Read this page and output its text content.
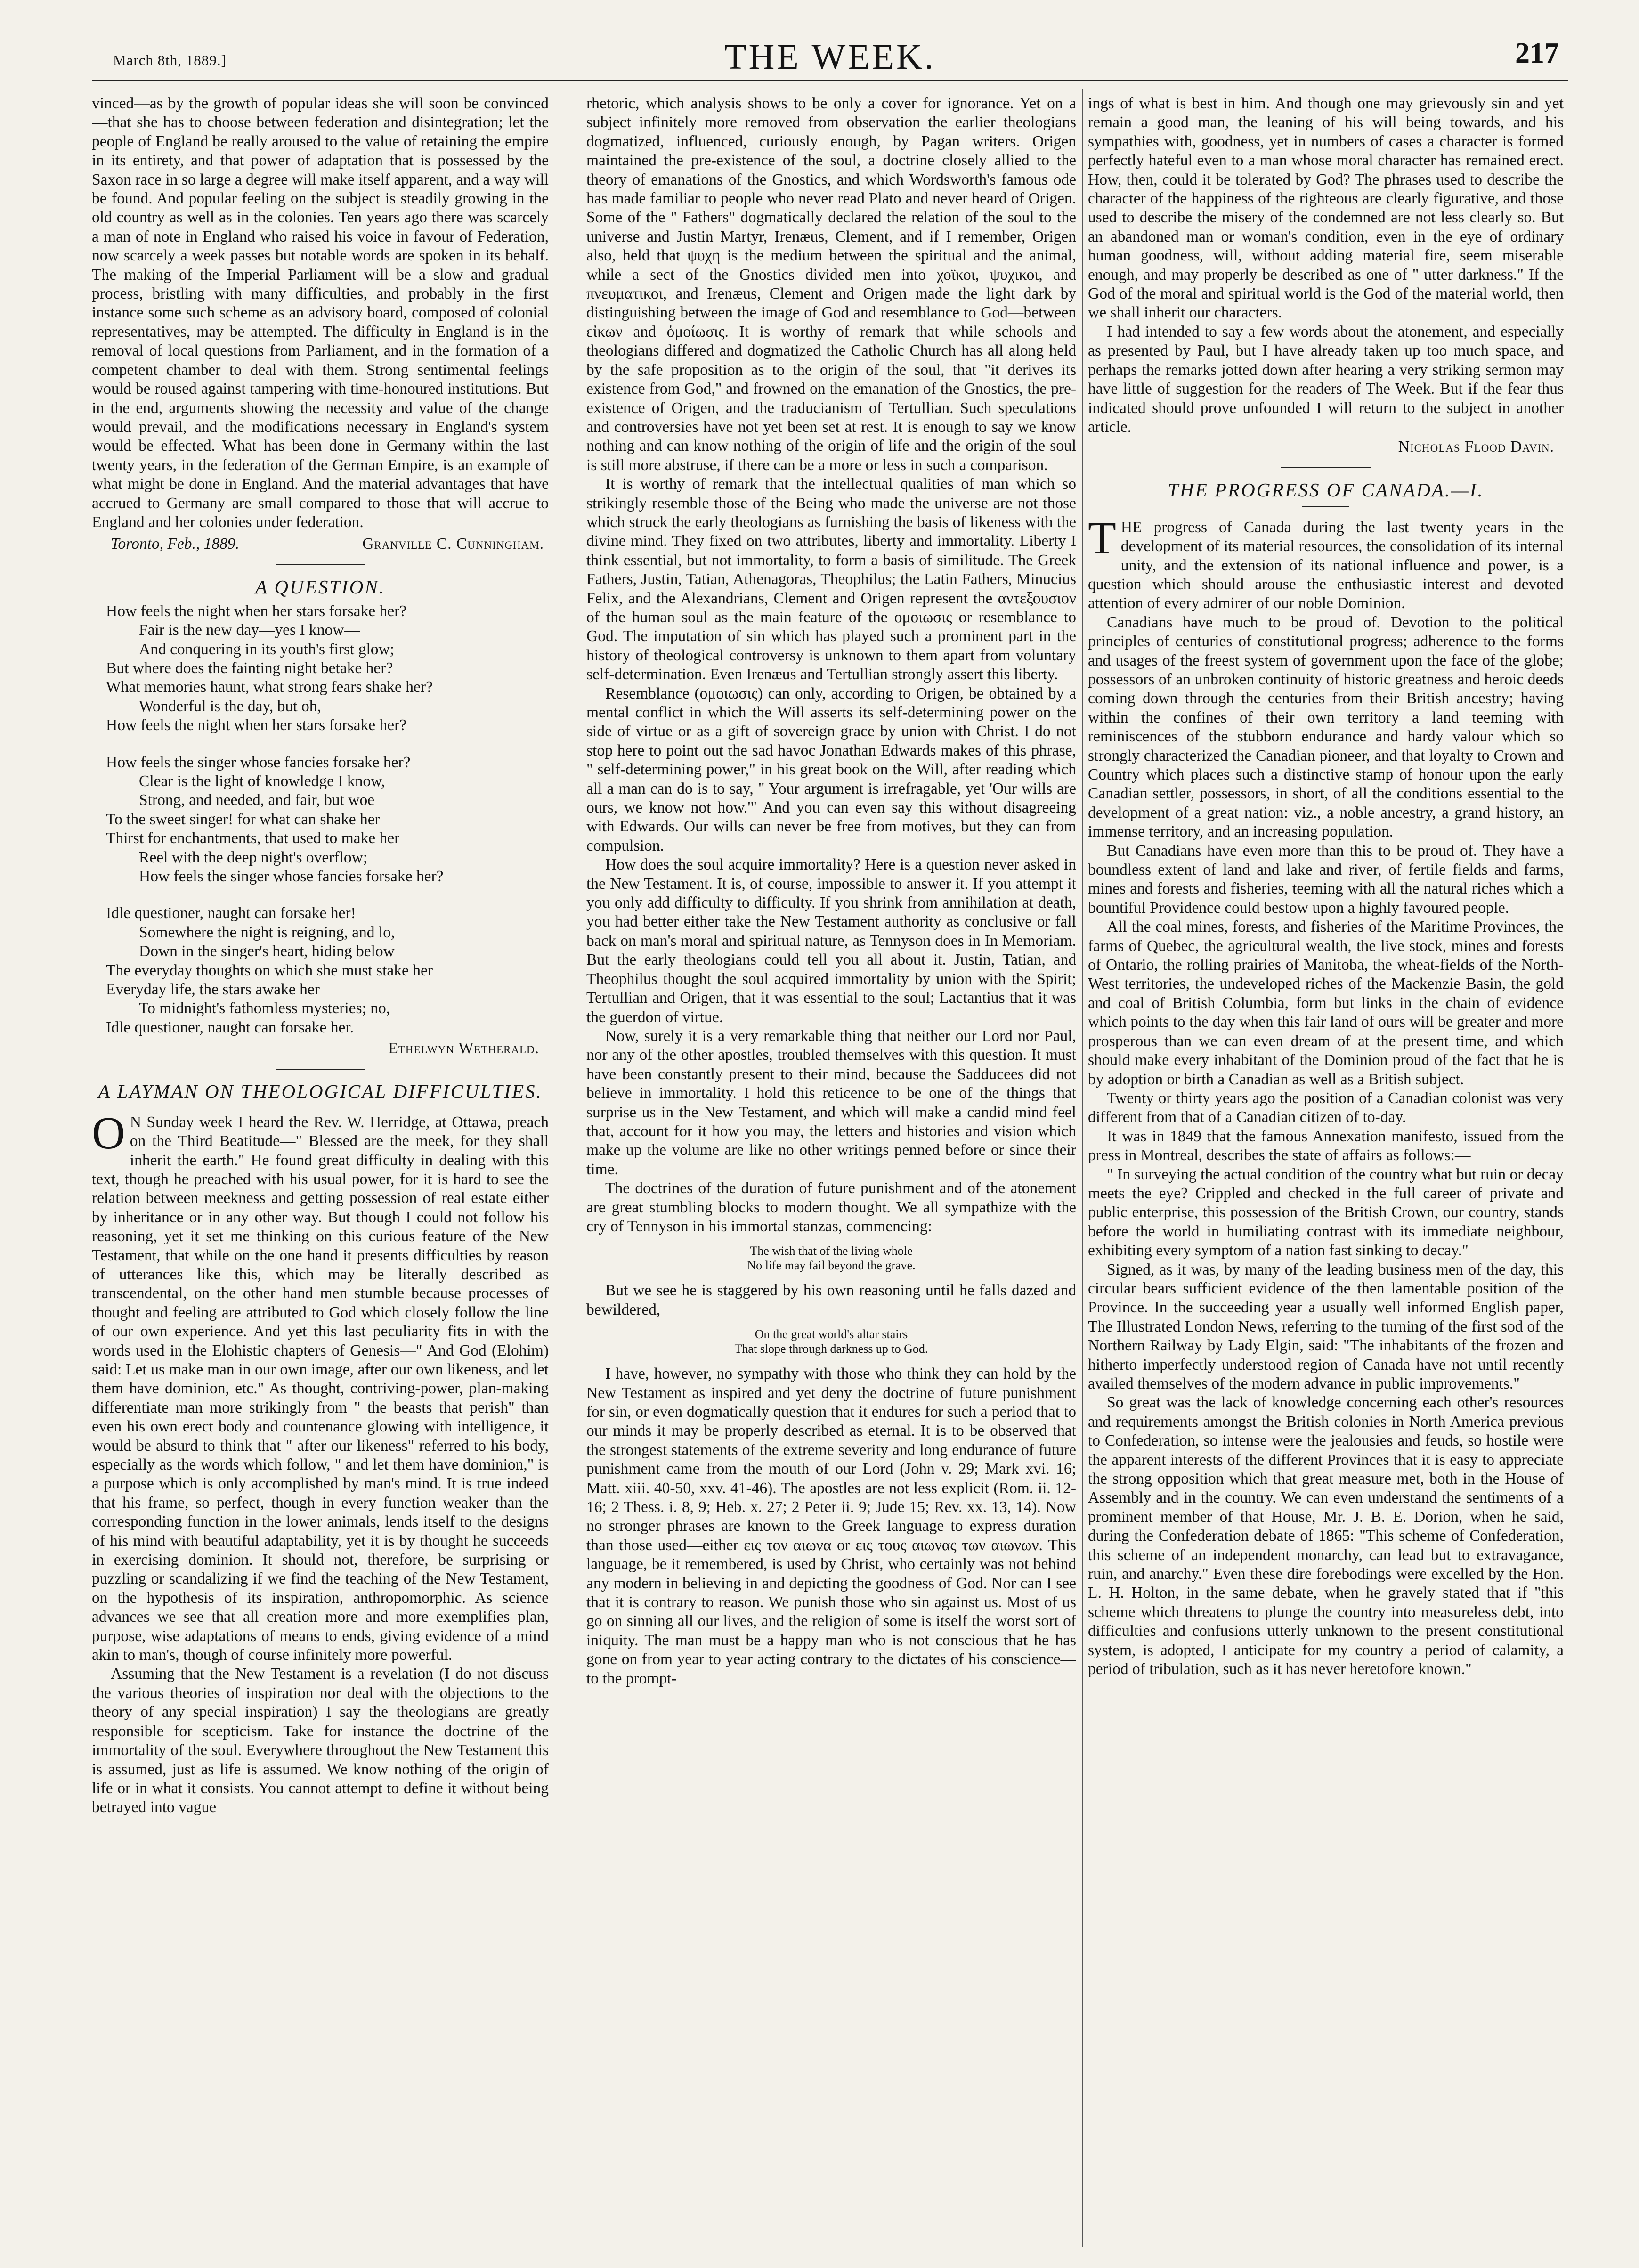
March 8th, 1889.]	THE WEEK.	217

vinced—as by the growth of popular ideas she will soon be convinced—that she has to choose between federation and disintegration; let the people of England be really aroused to the value of retaining the empire in its entirety, and that power of adaptation that is possessed by the Saxon race in so large a degree will make itself apparent, and a way will be found. And popular feeling on the subject is steadily growing in the old country as well as in the colonies. Ten years ago there was scarcely a man of note in England who raised his voice in favour of Federation, now scarcely a week passes but notable words are spoken in its behalf. The making of the Imperial Parliament will be a slow and gradual process, bristling with many difficulties, and probably in the first instance some such scheme as an advisory board, composed of colonial representatives, may be attempted. The difficulty in England is in the removal of local questions from Parliament, and in the formation of a competent chamber to deal with them. Strong sentimental feelings would be roused against tampering with time-honoured institutions. But in the end, arguments showing the necessity and value of the change would prevail, and the modifications necessary in England's system would be effected. What has been done in Germany within the last twenty years, in the federation of the German Empire, is an example of what might be done in England. And the material advantages that have accrued to Germany are small compared to those that will accrue to England and her colonies under federation.

Toronto, Feb., 1889.	Granville C. Cunningham.
A QUESTION.
How feels the night when her stars forsake her?
Fair is the new day—yes I know—
And conquering in its youth's first glow;
But where does the fainting night betake her?
What memories haunt, what strong fears shake her?
Wonderful is the day, but oh,
How feels the night when her stars forsake her?
How feels the singer whose fancies forsake her?
Clear is the light of knowledge I know,
Strong, and needed, and fair, but woe
To the sweet singer! for what can shake her
Thirst for enchantments, that used to make her
Reel with the deep night's overflow;
How feels the singer whose fancies forsake her?
Idle questioner, naught can forsake her!
Somewhere the night is reigning, and lo,
Down in the singer's heart, hiding below
The everyday thoughts on which she must stake her
Everyday life, the stars awake her
To midnight's fathomless mysteries; no,
Idle questioner, naught can forsake her.
Ethelwyn Wetherald.
A LAYMAN ON THEOLOGICAL DIFFICULTIES.

O N Sunday week I heard the Rev. W. Herridge, at Ottawa, preach on the Third Beatitude—" Blessed are the meek, for they shall inherit the earth." He found great difficulty in dealing with this text, though he preached with his usual power, for it is hard to see the relation between meekness and getting possession of real estate either by inheritance or in any other way. But though I could not follow his reasoning, yet it set me thinking on this curious feature of the New Testament, that while on the one hand it presents difficulties by reason of utterances like this, which may be literally described as transcendental, on the other hand men stumble because processes of thought and feeling are attributed to God which closely follow the line of our own experience. And yet this last peculiarity fits in with the words used in the Elohistic chapters of Genesis—" And God (Elohim) said: Let us make man in our own image, after our own likeness, and let them have dominion, etc." As thought, contriving-power, plan-making differentiate man more strikingly from " the beasts that perish" than even his own erect body and countenance glowing with intelligence, it would be absurd to think that " after our likeness" referred to his body, especially as the words which follow, " and let them have dominion," is a purpose which is only accomplished by man's mind. It is true indeed that his frame, so perfect, though in every function weaker than the corresponding function in the lower animals, lends itself to the designs of his mind with beautiful adaptability, yet it is by thought he succeeds in exercising dominion. It should not, therefore, be surprising or puzzling or scandalizing if we find the teaching of the New Testament, on the hypothesis of its inspiration, anthropomorphic. As science advances we see that all creation more and more exemplifies plan, purpose, wise adaptations of means to ends, giving evidence of a mind akin to man's, though of course infinitely more powerful.

Assuming that the New Testament is a revelation (I do not discuss the various theories of inspiration nor deal with the objections to the theory of any special inspiration) I say the theologians are greatly responsible for scepticism. Take for instance the doctrine of the immortality of the soul. Everywhere throughout the New Testament this is assumed, just as life is assumed. We know nothing of the origin of life or in what it consists. You cannot attempt to define it without being betrayed into vague

rhetoric, which analysis shows to be only a cover for ignorance. Yet on a subject infinitely more removed from observation the earlier theologians dogmatized, influenced, curiously enough, by Pagan writers. Origen maintained the pre-existence of the soul, a doctrine closely allied to the theory of emanations of the Gnostics, and which Wordsworth's famous ode has made familiar to people who never read Plato and never heard of Origen. Some of the " Fathers" dogmatically declared the relation of the soul to the universe and Justin Martyr, Irenæus, Clement, and if I remember, Origen also, held that ψυχη is the medium between the spiritual and the animal, while a sect of the Gnostics divided men into χοϊκοι, ψυχικοι, and πνευματικοι, and Irenæus, Clement and Origen made the light dark by distinguishing between the image of God and resemblance to God—between εἰκων and ὁμοίωσις. It is worthy of remark that while schools and theologians differed and dogmatized the Catholic Church has all along held by the safe proposition as to the origin of the soul, that "it derives its existence from God," and frowned on the emanation of the Gnostics, the pre-existence of Origen, and the traducianism of Tertullian. Such speculations and controversies have not yet been set at rest. It is enough to say we know nothing and can know nothing of the origin of life and the origin of the soul is still more abstruse, if there can be a more or less in such a comparison.

It is worthy of remark that the intellectual qualities of man which so strikingly resemble those of the Being who made the universe are not those which struck the early theologians as furnishing the basis of likeness with the divine mind. They fixed on two attributes, liberty and immortality. Liberty I think essential, but not immortality, to form a basis of similitude. The Greek Fathers, Justin, Tatian, Athenagoras, Theophilus; the Latin Fathers, Minucius Felix, and the Alexandrians, Clement and Origen represent the αντεξουσιον of the human soul as the main feature of the ομοιωσις or resemblance to God. The imputation of sin which has played such a prominent part in the history of theological controversy is unknown to them apart from voluntary self-determination. Even Irenæus and Tertullian strongly assert this liberty.

Resemblance (ομοιωσις) can only, according to Origen, be obtained by a mental conflict in which the Will asserts its self-determining power on the side of virtue or as a gift of sovereign grace by union with Christ. I do not stop here to point out the sad havoc Jonathan Edwards makes of this phrase, " self-determining power," in his great book on the Will, after reading which all a man can do is to say, " Your argument is irrefragable, yet 'Our wills are ours, we know not how.'" And you can even say this without disagreeing with Edwards. Our wills can never be free from motives, but they can from compulsion.

How does the soul acquire immortality? Here is a question never asked in the New Testament. It is, of course, impossible to answer it. If you attempt it you only add difficulty to difficulty. If you shrink from annihilation at death, you had better either take the New Testament authority as conclusive or fall back on man's moral and spiritual nature, as Tennyson does in In Memoriam. But the early theologians could tell you all about it. Justin, Tatian, and Theophilus thought the soul acquired immortality by union with the Spirit; Tertullian and Origen, that it was essential to the soul; Lactantius that it was the guerdon of virtue.

Now, surely it is a very remarkable thing that neither our Lord nor Paul, nor any of the other apostles, troubled themselves with this question. It must have been constantly present to their mind, because the Sadducees did not believe in immortality. I hold this reticence to be one of the things that surprise us in the New Testament, and which will make a candid mind feel that, account for it how you may, the letters and histories and vision which make up the volume are like no other writings penned before or since their time.

The doctrines of the duration of future punishment and of the atonement are great stumbling blocks to modern thought. We all sympathize with the cry of Tennyson in his immortal stanzas, commencing:

The wish that of the living whole
No life may fail beyond the grave.

But we see he is staggered by his own reasoning until he falls dazed and bewildered,

On the great world's altar stairs
That slope through darkness up to God.

I have, however, no sympathy with those who think they can hold by the New Testament as inspired and yet deny the doctrine of future punishment for sin, or even dogmatically question that it endures for such a period that to our minds it may be properly described as eternal. It is to be observed that the strongest statements of the extreme severity and long endurance of future punishment came from the mouth of our Lord (John v. 29; Mark xvi. 16; Matt. xiii. 40-50, xxv. 41-46). The apostles are not less explicit (Rom. ii. 12-16; 2 Thess. i. 8, 9; Heb. x. 27; 2 Peter ii. 9; Jude 15; Rev. xx. 13, 14). Now no stronger phrases are known to the Greek language to express duration than those used—either εις τον αιωνα or εις τους αιωνας των αιωνων. This language, be it remembered, is used by Christ, who certainly was not behind any modern in believing in and depicting the goodness of God. Nor can I see that it is contrary to reason. We punish those who sin against us. Most of us go on sinning all our lives, and the religion of some is itself the worst sort of iniquity. The man must be a happy man who is not conscious that he has gone on from year to year acting contrary to the dictates of his conscience—to the prompt-

ings of what is best in him. And though one may grievously sin and yet remain a good man, the leaning of his will being towards, and his sympathies with, goodness, yet in numbers of cases a character is formed perfectly hateful even to a man whose moral character has remained erect. How, then, could it be tolerated by God? The phrases used to describe the character of the happiness of the righteous are clearly figurative, and those used to describe the misery of the condemned are not less clearly so. But an abandoned man or woman's condition, even in the eye of ordinary human goodness, will, without adding material fire, seem miserable enough, and may properly be described as one of " utter darkness." If the God of the moral and spiritual world is the God of the material world, then we shall inherit our characters.

I had intended to say a few words about the atonement, and especially as presented by Paul, but I have already taken up too much space, and perhaps the remarks jotted down after hearing a very striking sermon may have little of suggestion for the readers of The Week. But if the fear thus indicated should prove unfounded I will return to the subject in another article.

Nicholas Flood Davin.
THE PROGRESS OF CANADA.—I.

THE progress of Canada during the last twenty years in the development of its material resources, the consolidation of its internal unity, and the extension of its national influence and power, is a question which should arouse the enthusiastic interest and devoted attention of every admirer of our noble Dominion.

Canadians have much to be proud of. Devotion to the political principles of centuries of constitutional progress; adherence to the forms and usages of the freest system of government upon the face of the globe; possessors of an unbroken continuity of historic greatness and heroic deeds coming down through the centuries from their British ancestry; having within the confines of their own territory a land teeming with reminiscences of the stubborn endurance and hardy valour which so strongly characterized the Canadian pioneer, and that loyalty to Crown and Country which places such a distinctive stamp of honour upon the early Canadian settler, possessors, in short, of all the conditions essential to the development of a great nation: viz., a noble ancestry, a grand history, an immense territory, and an increasing population.

But Canadians have even more than this to be proud of. They have a boundless extent of land and lake and river, of fertile fields and farms, mines and forests and fisheries, teeming with all the natural riches which a bountiful Providence could bestow upon a highly favoured people.

All the coal mines, forests, and fisheries of the Maritime Provinces, the farms of Quebec, the agricultural wealth, the live stock, mines and forests of Ontario, the rolling prairies of Manitoba, the wheat-fields of the North-West territories, the undeveloped riches of the Mackenzie Basin, the gold and coal of British Columbia, form but links in the chain of evidence which points to the day when this fair land of ours will be greater and more prosperous than we can even dream of at the present time, and which should make every inhabitant of the Dominion proud of the fact that he is by adoption or birth a Canadian as well as a British subject.

Twenty or thirty years ago the position of a Canadian colonist was very different from that of a Canadian citizen of to-day.

It was in 1849 that the famous Annexation manifesto, issued from the press in Montreal, describes the state of affairs as follows:—

" In surveying the actual condition of the country what but ruin or decay meets the eye? Crippled and checked in the full career of private and public enterprise, this possession of the British Crown, our country, stands before the world in humiliating contrast with its immediate neighbour, exhibiting every symptom of a nation fast sinking to decay."

Signed, as it was, by many of the leading business men of the day, this circular bears sufficient evidence of the then lamentable position of the Province. In the succeeding year a usually well informed English paper, The Illustrated London News, referring to the turning of the first sod of the Northern Railway by Lady Elgin, said: "The inhabitants of the frozen and hitherto imperfectly understood region of Canada have not until recently availed themselves of the modern advance in public improvements."

So great was the lack of knowledge concerning each other's resources and requirements amongst the British colonies in North America previous to Confederation, so intense were the jealousies and feuds, so hostile were the apparent interests of the different Provinces that it is easy to appreciate the strong opposition which that great measure met, both in the House of Assembly and in the country. We can even understand the sentiments of a prominent member of that House, Mr. J. B. E. Dorion, when he said, during the Confederation debate of 1865: "This scheme of Confederation, this scheme of an independent monarchy, can lead but to extravagance, ruin, and anarchy." Even these dire forebodings were excelled by the Hon. L. H. Holton, in the same debate, when he gravely stated that if "this scheme which threatens to plunge the country into measureless debt, into difficulties and confusions utterly unknown to the present constitutional system, is adopted, I anticipate for my country a period of calamity, a period of tribulation, such as it has never heretofore known."
